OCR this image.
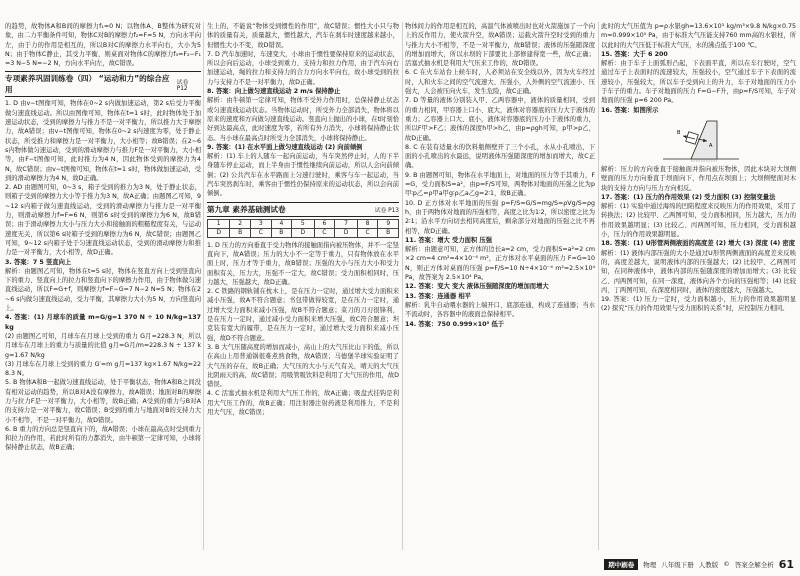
的趋势，故物体A和B间的摩擦力f₁=0 N；以物体A、B整体为研究对象，由二力平衡条件可知，物体C对B的摩擦力f₂=F=5 N，方向水平向左，由于力的作用是相互的，所以B对C的摩擦力水平向右，大小为5 N；由于物体C静止，其受力平衡，则桌面对物体C的摩擦力f₃=F₂−F₁=3 N−5 N=−2 N，方向水平向左，故C错误。

专项素养巩固训练卷（四） “运动和力”的综合应用
试卷 P12

1. D 由v−t图像可知，物体在0~2 s内做加速运动，第2 s后受力平衡做匀速直线运动。所以由图像可知，物体在t=1 s时，此时物体处于加速运动状态，受到的摩擦力与推力不是一对平衡力，所以推力大于摩擦力，故A错误；由v−t图像可知，物体在0~2 s内速度为零，处于静止状态，所受推力和摩擦力是一对平衡力，大小相等；故B错误；在2~6 s内物体做匀速运动，受到的滑动摩擦力与推力F是一对平衡力，大小相等，由F−t图像可知，此时推力为4 N，因此物体受到的摩擦力为4 N，故C错误；由v−t图像可知，物体在t=1 s时，物体做加速运动，受到的滑动摩擦力为4 N，故D正确。

2. AD 由题图可知，0~3 s，箱子受到的推力为3 N，处于静止状态，则箱子受到的摩擦力大小等于推力为3 N，故A正确；由题图乙可知，9~12 s内箱子做匀速直线运动，受到的滑动摩擦力与推力是一对平衡力，则滑动摩擦力f=F=6 N，则第6 s时受到的摩擦力为6 N，故B错误；由于滑动摩擦力大小与压力大小和接触面的粗糙程度有关，与运动速度无关，所以第6 s时箱子受到的摩擦力为6 N，故C错误；由题图乙可知，9~12 s内箱子处于匀速直线运动状态，受到的滑动摩擦力和推力是一对平衡力，大小相等，故D正确。

3. 答案：7 5 竖直向上

解析：由题图乙可知，物体在t=5 s时，物体在竖直方向上受到竖直向下的重力、竖直向上的拉力和竖直向下的摩擦力作用，由于物体做匀速直线运动，所以F=G+f，则摩擦力f=F−G=7 N−2 N=5 N；物体在2~6 s内做匀速直线运动，受力平衡，其摩擦力大小为5 N，方向竖直向上。

4. 答案：(1) 月球车的质量 m=G/g=1 370 N ÷ 10 N/kg=137 kg

(2) 由题图乙可知，月球车在月球上受到的重力 G月=228.3 N，所以月球车在月球上的重力与质量的比值 g月=G月/m=228.3 N ÷ 137 kg≈1.67 N/kg

(3) 月球车在月球上受到的重力 G′=m g月=137 kg×1.67 N/kg≈228.3 N。

5. B 物体A和B一起做匀速直线运动，处于平衡状态，物体A和B之间没有相对运动的趋势，所以B对A没有摩擦力，故A错误；地面对B的摩擦力与拉力F是一对平衡力，大小相等，故B正确；A受到的重力与B对A的支持力是一对平衡力，故C错误；B受到的重力与地面对B的支持力大小不相等，不是一对平衡力，故D错误。

6. B 重力的方向总是竖直向下的，故A错误；小球在最高点时受到重力和拉力的作用，若此时所有的力都消失，由牛顿第一定律可知，小球将保持静止状态，故B正确；

生上的，不能说“物体受到惯性的作用”，故C错误；惯性大小只与物体的质量有关，质量越大，惯性越大，汽车在刹车时速度越来越小，但惯性大小不变，故D错误。

7. D 汽车加速时，车速变大，小球由于惯性要保持原来的运动状态，所以会向后运动，小球受到重力、支持力和拉力作用，由于汽车向右加速运动，绳的拉力和支持力的合力方向水平向右，故小球受到的拉力与支持力不是一对平衡力，故D正确。

8. 答案：向上做匀速直线运动 2 m/s 保持静止

解析：由牛顿第一定律可知，物体不受外力作用时，总保持静止状态或匀速直线运动状态。当物体运动时，所受外力全部消失，物体将以原来的速度和方向做匀速直线运动。竖直向上抛出的小球，在t时刻恰好到达最高点，此时速度为零，若所有外力消失，小球将保持静止状态。当小球在最高点时所受力全部消失，小球将保持静止。

9. 答案：(1) 在水平面上做匀速直线运动 (2) 向前倾倒

解析：(1) 车上的人随车一起向前运动，当车突然停止时，人的下半身随车停止运动，而上半身由于惯性继续向前运动，所以人会向前倾倒；(2) 公共汽车在水平路面上匀速行驶时，乘客与车一起运动，当汽车突然刹车时，乘客由于惯性仍保持原来的运动状态，所以会向前倾倒。

第九章 素养基础测试卷	试卷 P13
1	2	3	4	5	6	7	8	9
D	B	C	B	D	C	D	C	B

1. D 压力的方向垂直于受力物体的接触面指向被压物体，并不一定竖直向下，故A错误；压力的大小不一定等于重力，只有物体放在水平面上时，压力才等于重力，故B错误；压强的大小与压力大小和受力面积有关，压力大，压强不一定大，故C错误；受力面积相同时，压力越大，压强越大，故D正确。

2. C 铁路的钢轨铺在枕木上，是在压力一定时，通过增大受力面积来减小压强，故A不符合题意；书包带做得较宽，是在压力一定时，通过增大受力面积来减小压强，故B不符合题意；菜刀的刀刃很锋利，是在压力一定时，通过减小受力面积来增大压强，故C符合题意；坦克装有宽大的履带，是在压力一定时，通过增大受力面积来减小压强，故D不符合题意。

3. B 大气压随高度的增加而减小，高山上的大气压比山下的低，所以在高山上用普通锅很难煮熟食物，故A错误；马德堡半球实验证明了大气压的存在，故B正确；大气压的大小与天气有关，晴天的大气压比阴雨天的高，故C错误；用吸管吸饮料是利用了大气压的作用，故D错误。

4. C 活塞式抽水机是利用大气压工作的，故A正确；吸盘式挂钩是利用大气压工作的，故B正确；用注射器注射药液是利用推力，不是利用大气压，故C错误；

物体间力的作用是相互的，高温气体被喷出时也对火箭施加了一个向上的反作用力，使火箭升空，故A错误；运载火箭升空时受到的重力与推力大小不相等，不是一对平衡力，故B错误；液体的压强随深度的增加而增大，所以水坝的下部要比上部修建得宽一些，故C正确；活塞式抽水机是利用大气压来工作的，故D错误。

6. C 在火车站台上候车时，人必须站在安全线以外，因为火车经过时，人和火车之间的空气流速大、压强小，人外侧的空气流速小、压强大，人会被压向火车，发生危险，故C正确。

7. D 等量的液体分别装入甲、乙两容器中，液体的质量相同，受到的重力相同，甲容器上口小、底大，液体对容器底的压力大于液体的重力；乙容器上口大、底小，液体对容器底的压力小于液体的重力，所以F甲>F乙；液体的深度h甲>h乙，由p=ρgh可知，p甲>p乙，故D正确。

8. C 在装有适量水的饮料瓶侧壁开了三个小孔，水从小孔喷出，下面的小孔喷出的水最远，说明液体压强随深度的增加而增大，故C正确。

9. B 由题图可知，物体在水平地面上，对地面的压力等于其重力，F=G，受力面积S=a²，由p=F/S可知，两物体对地面的压强之比为p甲∶p乙=ρ甲a甲g∶ρ乙a乙g=2∶1，故B正确。

10. D 正方体对水平地面的压强 p=F/S=G/S=mg/S=ρVg/S=ρgh，由于两物体对地面的压强相等，高度之比为1∶2，所以密度之比为2∶1；沿水平方向切去相同高度后，剩余部分对地面的压强之比不再相等，故D正确。

11. 答案：增大 受力面积 压强

解析：由题意可知，正方体的边长a=2 cm，受力面积S=a²=2 cm×2 cm=4 cm²=4×10⁻⁴ m²，正方体对水平桌面的压力 F=G=10 N，则正方体对桌面的压强 p=F/S=10 N÷4×10⁻⁴ m²=2.5×10⁴ Pa，故答案为 2.5×10⁴ Pa。

12. 答案：变大 变大 液体压强随深度的增加而增大

13. 答案：连通器 相平

解析：乳牛自动喂水器的上端开口、底部连通，构成了连通器；当水不流动时，各容器中的液面总保持相平。

14. 答案：750 0.999×10⁵ 低于

此时的大气压值为 p=ρ水银gh=13.6×10³ kg/m³×9.8 N/kg×0.75 m≈0.999×10⁵ Pa，由于标准大气压能支持760 mm高的水银柱，所以此时的大气压低于标准大气压，水的沸点低于100 ℃。

15. 答案：大于 6 200

解析：由于车子上面弧形凸起，下表面平直，所以在车行驶时，空气通过车子上表面时的流速较大，压强较小，空气通过车子下表面的流速较小，压强较大，所以车子受到向上的升力，车子对地面的压力小于车子的重力。车子对地面的压力 F=G−F升，由p=F/S可知，车子对地面的压强 p=6 200 Pa。

16. 答案：如图所示

A
B

解析：压力的方向垂直于接触面并指向被压物体，因此木块对大坝侧壁面的压力方向垂直于坝面向下，作用点在坝面上；大坝侧壁面对木块的支持力方向与压力方向相反。

17. 答案：(1) 压力的作用效果 (2) 受力面积 (3) 控制变量法

解析：(1) 实验中通过海绵的凹陷程度来反映压力的作用效果，采用了转换法；(2) 比较甲、乙两图可知，受力面积相同，压力越大，压力的作用效果越明显；(3) 比较乙、丙两图可知，压力相同，受力面积越小，压力的作用效果越明显。

18. 答案：(1) U形管两侧液面的高度差 (2) 增大 (3) 深度 (4) 密度

解析：(1) 液体内部压强的大小是通过U形管两侧液面的高度差来反映的，高度差越大，说明液体内部的压强越大；(2) 比较甲、乙两图可知，在同种液体中，液体内部的压强随深度的增加而增大；(3) 比较乙、丙两图可知，在同一深度，液体向各个方向的压强相等；(4) 比较丙、丁两图可知，在深度相同时，液体的密度越大，压强越大。

19. 答案：(1) 压力一定时，受力面积越小，压力的作用效果越明显 (2) 探究“压力的作用效果与受力面积的关系”时，应控制压力相同。

期中刷卷	物理 八年级下册 人教版 © 答案全解全析 61
